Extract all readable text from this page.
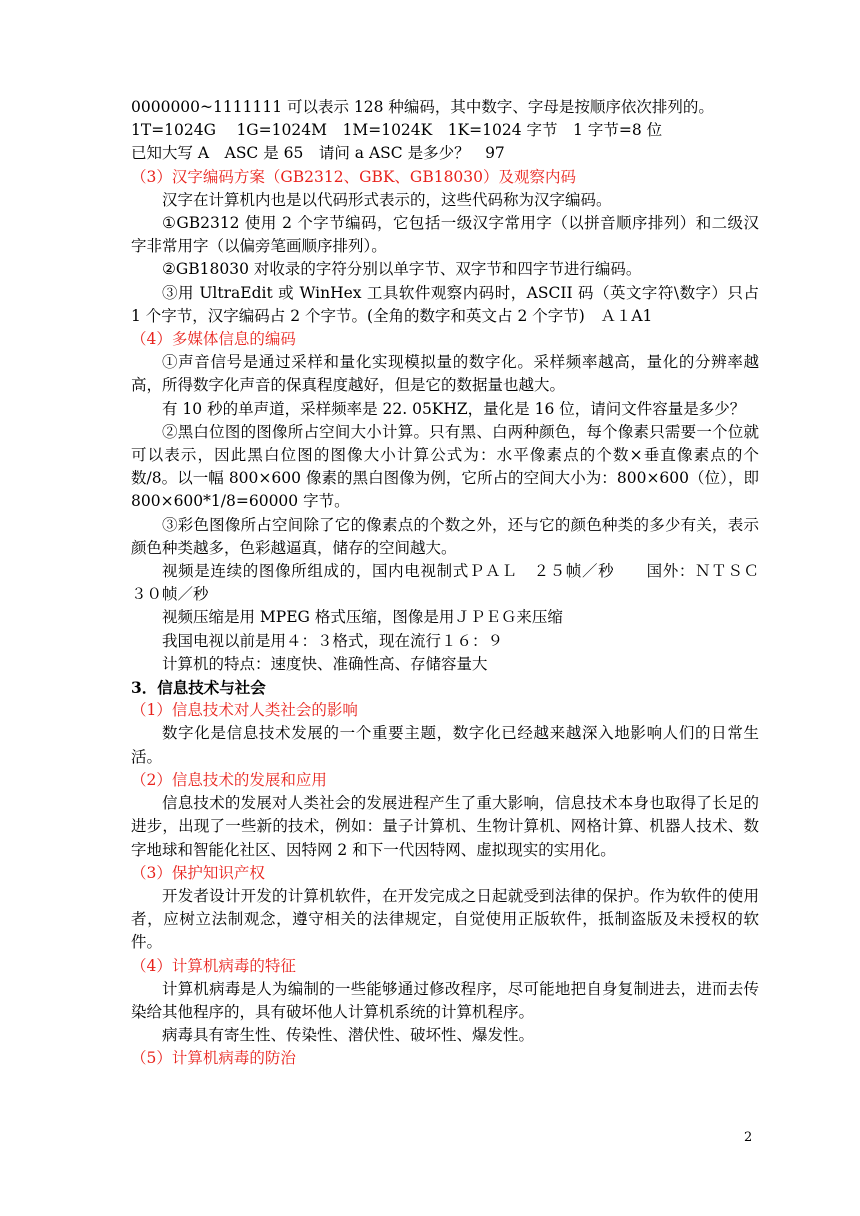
0000000~1111111 可以表示 128 种编码，其中数字、字母是按顺序依次排列的。

1T=1024G　 1G=1024M　1M=1024K　1K=1024 字节　1 字节=8 位

已知大写 A　ASC 是 65　请问 a ASC 是多少？　97

（3）汉字编码方案（GB2312、GBK、GB18030）及观察内码

汉字在计算机内也是以代码形式表示的，这些代码称为汉字编码。

①GB2312 使用 2 个字节编码，它包括一级汉字常用字（以拼音顺序排列）和二级汉字非常用字（以偏旁笔画顺序排列）。

②GB18030 对收录的字符分别以单字节、双字节和四字节进行编码。

③用 UltraEdit 或 WinHex 工具软件观察内码时，ASCII 码（英文字符\数字）只占 1 个字节，汉字编码占 2 个字节。(全角的数字和英文占 2 个字节)　Ａ１A1

（4）多媒体信息的编码

①声音信号是通过采样和量化实现模拟量的数字化。采样频率越高，量化的分辨率越高，所得数字化声音的保真程度越好，但是它的数据量也越大。

有 10 秒的单声道，采样频率是 22. 05KHZ，量化是 16 位，请问文件容量是多少？

②黑白位图的图像所占空间大小计算。只有黑、白两种颜色，每个像素只需要一个位就可以表示，因此黑白位图的图像大小计算公式为：水平像素点的个数×垂直像素点的个数/8。以一幅 800×600 像素的黑白图像为例，它所占的空间大小为：800×600（位），即 800×600*1/8=60000 字节。

③彩色图像所占空间除了它的像素点的个数之外，还与它的颜色种类的多少有关，表示颜色种类越多，色彩越逼真，储存的空间越大。

视频是连续的图像所组成的，国内电视制式ＰＡＬ　２５帧／秒　　国外：ＮＴＳＣ　３０帧／秒

视频压缩是用 MPEG 格式压缩，图像是用ＪＰＥＧ来压缩

我国电视以前是用４：３格式，现在流行１６：９

计算机的特点：速度快、准确性高、存储容量大

3．信息技术与社会

（1）信息技术对人类社会的影响

数字化是信息技术发展的一个重要主题，数字化已经越来越深入地影响人们的日常生活。

（2）信息技术的发展和应用

信息技术的发展对人类社会的发展进程产生了重大影响，信息技术本身也取得了长足的进步，出现了一些新的技术，例如：量子计算机、生物计算机、网格计算、机器人技术、数字地球和智能化社区、因特网 2 和下一代因特网、虚拟现实的实用化。

（3）保护知识产权

开发者设计开发的计算机软件，在开发完成之日起就受到法律的保护。作为软件的使用者，应树立法制观念，遵守相关的法律规定，自觉使用正版软件，抵制盗版及未授权的软件。

（4）计算机病毒的特征

计算机病毒是人为编制的一些能够通过修改程序，尽可能地把自身复制进去，进而去传染给其他程序的，具有破坏他人计算机系统的计算机程序。

病毒具有寄生性、传染性、潜伏性、破坏性、爆发性。

（5）计算机病毒的防治

2
